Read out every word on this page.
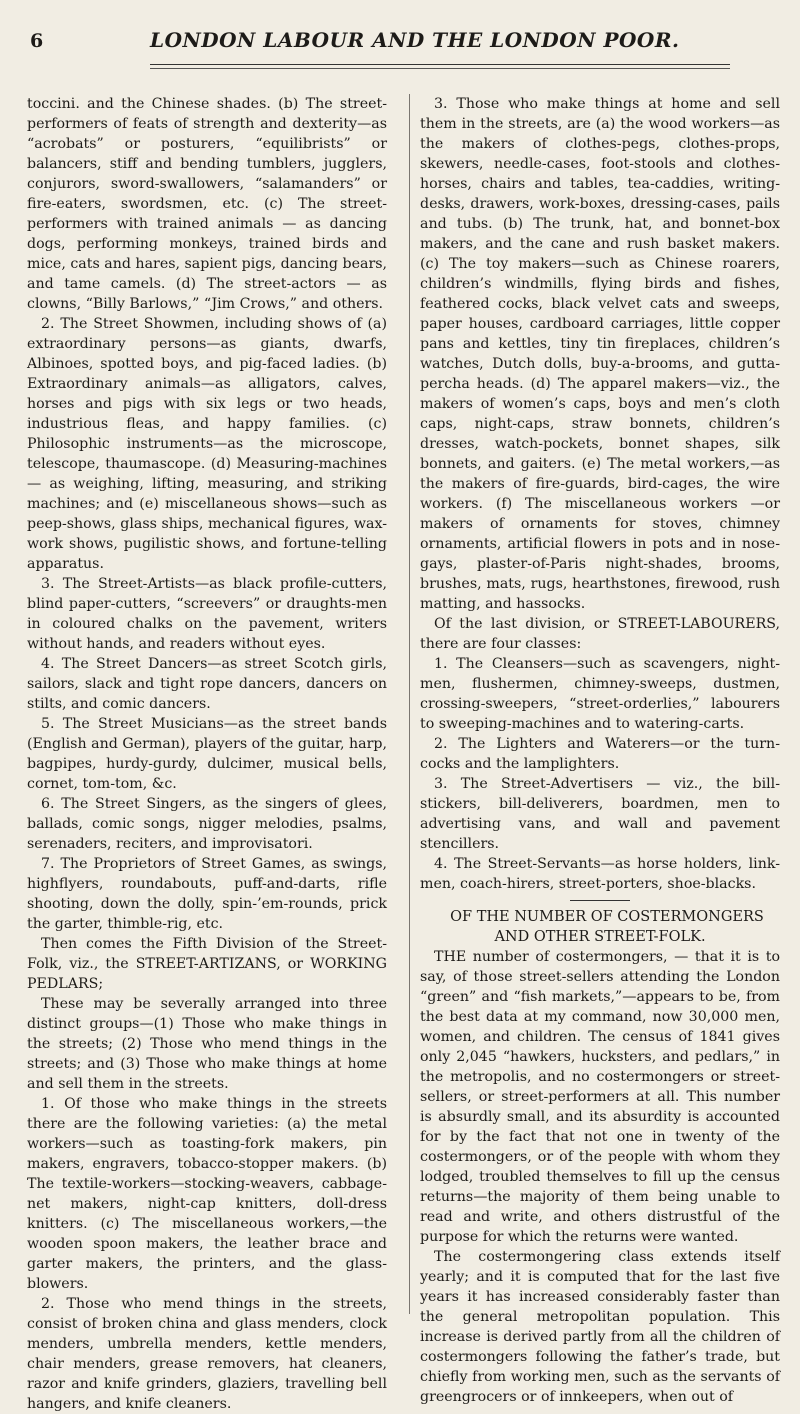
6	LONDON LABOUR AND THE LONDON POOR.

toccini. and the Chinese shades. (b) The street-performers of feats of strength and dexterity—as “acrobats” or posturers, “equilibrists” or balancers, stiff and bending tumblers, jugglers, conjurors, sword-swallowers, “salamanders” or fire-eaters, swordsmen, etc. (c) The street-performers with trained animals — as dancing dogs, performing monkeys, trained birds and mice, cats and hares, sapient pigs, dancing bears, and tame camels. (d) The street-actors — as clowns, “Billy Barlows,” “Jim Crows,” and others.

2. The Street Showmen, including shows of (a) extraordinary persons—as giants, dwarfs, Albinoes, spotted boys, and pig-faced ladies. (b) Extraordinary animals—as alligators, calves, horses and pigs with six legs or two heads, industrious fleas, and happy families. (c) Philosophic instruments—as the microscope, telescope, thaumascope. (d) Measuring-machines — as weighing, lifting, measuring, and striking machines; and (e) miscellaneous shows—such as peep-shows, glass ships, mechanical figures, wax-work shows, pugilistic shows, and fortune-telling apparatus.

3. The Street-Artists—as black profile-cutters, blind paper-cutters, “screevers” or draughts-men in coloured chalks on the pavement, writers without hands, and readers without eyes.

4. The Street Dancers—as street Scotch girls, sailors, slack and tight rope dancers, dancers on stilts, and comic dancers.

5. The Street Musicians—as the street bands (English and German), players of the guitar, harp, bagpipes, hurdy-gurdy, dulcimer, musical bells, cornet, tom-tom, &c.

6. The Street Singers, as the singers of glees, ballads, comic songs, nigger melodies, psalms, serenaders, reciters, and improvisatori.

7. The Proprietors of Street Games, as swings, highflyers, roundabouts, puff-and-darts, rifle shooting, down the dolly, spin-’em-rounds, prick the garter, thimble-rig, etc.

Then comes the Fifth Division of the Street-Folk, viz., the STREET-ARTIZANS, or WORKING PEDLARS;

These may be severally arranged into three distinct groups—(1) Those who make things in the streets; (2) Those who mend things in the streets; and (3) Those who make things at home and sell them in the streets.

1. Of those who make things in the streets there are the following varieties: (a) the metal workers—such as toasting-fork makers, pin makers, engravers, tobacco-stopper makers. (b) The textile-workers—stocking-weavers, cabbage-net makers, night-cap knitters, doll-dress knitters. (c) The miscellaneous workers,—the wooden spoon makers, the leather brace and garter makers, the printers, and the glass-blowers.

2. Those who mend things in the streets, consist of broken china and glass menders, clock menders, umbrella menders, kettle menders, chair menders, grease removers, hat cleaners, razor and knife grinders, glaziers, travelling bell hangers, and knife cleaners.

3. Those who make things at home and sell them in the streets, are (a) the wood workers—as the makers of clothes-pegs, clothes-props, skewers, needle-cases, foot-stools and clothes-horses, chairs and tables, tea-caddies, writing-desks, drawers, work-boxes, dressing-cases, pails and tubs. (b) The trunk, hat, and bonnet-box makers, and the cane and rush basket makers. (c) The toy makers—such as Chinese roarers, children’s windmills, flying birds and fishes, feathered cocks, black velvet cats and sweeps, paper houses, cardboard carriages, little copper pans and kettles, tiny tin fireplaces, children’s watches, Dutch dolls, buy-a-brooms, and gutta-percha heads. (d) The apparel makers—viz., the makers of women’s caps, boys and men’s cloth caps, night-caps, straw bonnets, children’s dresses, watch-pockets, bonnet shapes, silk bonnets, and gaiters. (e) The metal workers,—as the makers of fire-guards, bird-cages, the wire workers. (f) The miscellaneous workers —or makers of ornaments for stoves, chimney ornaments, artificial flowers in pots and in nose-gays, plaster-of-Paris night-shades, brooms, brushes, mats, rugs, hearthstones, firewood, rush matting, and hassocks.

Of the last division, or STREET-LABOURERS, there are four classes:

1. The Cleansers—such as scavengers, night-men, flushermen, chimney-sweeps, dustmen, crossing-sweepers, “street-orderlies,” labourers to sweeping-machines and to watering-carts.

2. The Lighters and Waterers—or the turn-cocks and the lamplighters.

3. The Street-Advertisers — viz., the bill-stickers, bill-deliverers, boardmen, men to advertising vans, and wall and pavement stencillers.

4. The Street-Servants—as horse holders, link-men, coach-hirers, street-porters, shoe-blacks.

OF THE NUMBER OF COSTERMONGERS AND OTHER STREET-FOLK.

THE number of costermongers, — that it is to say, of those street-sellers attending the London “green” and “fish markets,”—appears to be, from the best data at my command, now 30,000 men, women, and children. The census of 1841 gives only 2,045 “hawkers, hucksters, and pedlars,” in the metropolis, and no costermongers or street-sellers, or street-performers at all. This number is absurdly small, and its absurdity is accounted for by the fact that not one in twenty of the costermongers, or of the people with whom they lodged, troubled themselves to fill up the census returns—the majority of them being unable to read and write, and others distrustful of the purpose for which the returns were wanted.

The costermongering class extends itself yearly; and it is computed that for the last five years it has increased considerably faster than the general metropolitan population. This increase is derived partly from all the children of costermongers following the father’s trade, but chiefly from working men, such as the servants of greengrocers or of innkeepers, when out of
